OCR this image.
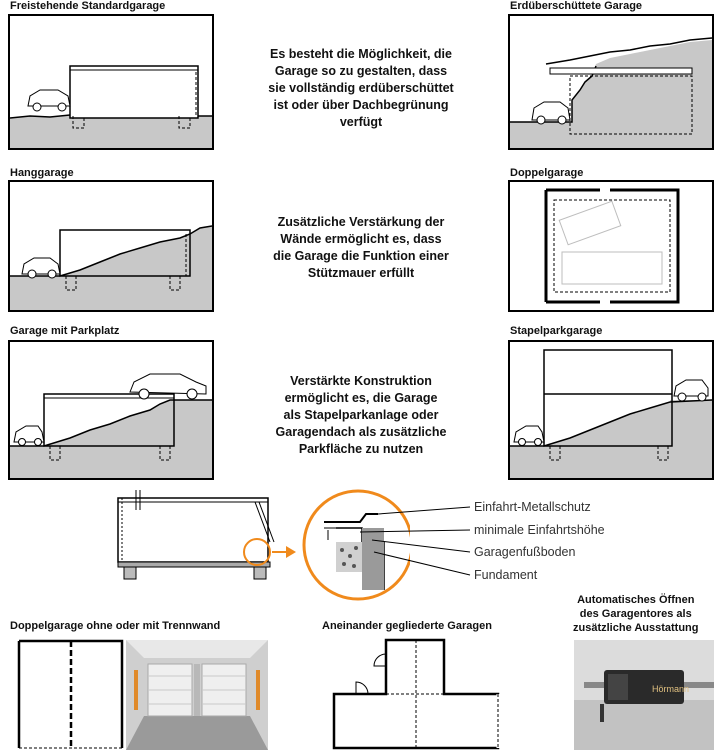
Freistehende Standardgarage
Es besteht die Möglichkeit, die
Garage so zu gestalten, dass
sie vollständig erdüberschüttet
ist oder über Dachbegrünung
verfügt
Erdüberschüttete Garage
Hanggarage
Zusätzliche Verstärkung der
Wände ermöglicht es, dass
die Garage die Funktion einer
Stützmauer erfüllt
Doppelgarage
Garage mit Parkplatz
Verstärkte Konstruktion
ermöglicht es, die Garage
als Stapelparkanlage oder
Garagendach als zusätzliche
Parkfläche zu nutzen
Stapelparkgarage
Einfahrt-Metallschutz
minimale Einfahrtshöhe
Garagenfußboden
Fundament
Doppelgarage ohne oder mit Trennwand	Aneinander gegliederte Garagen
Automatisches Öffnen
des Garagentores als
zusätzliche Ausstattung
Hörmann
